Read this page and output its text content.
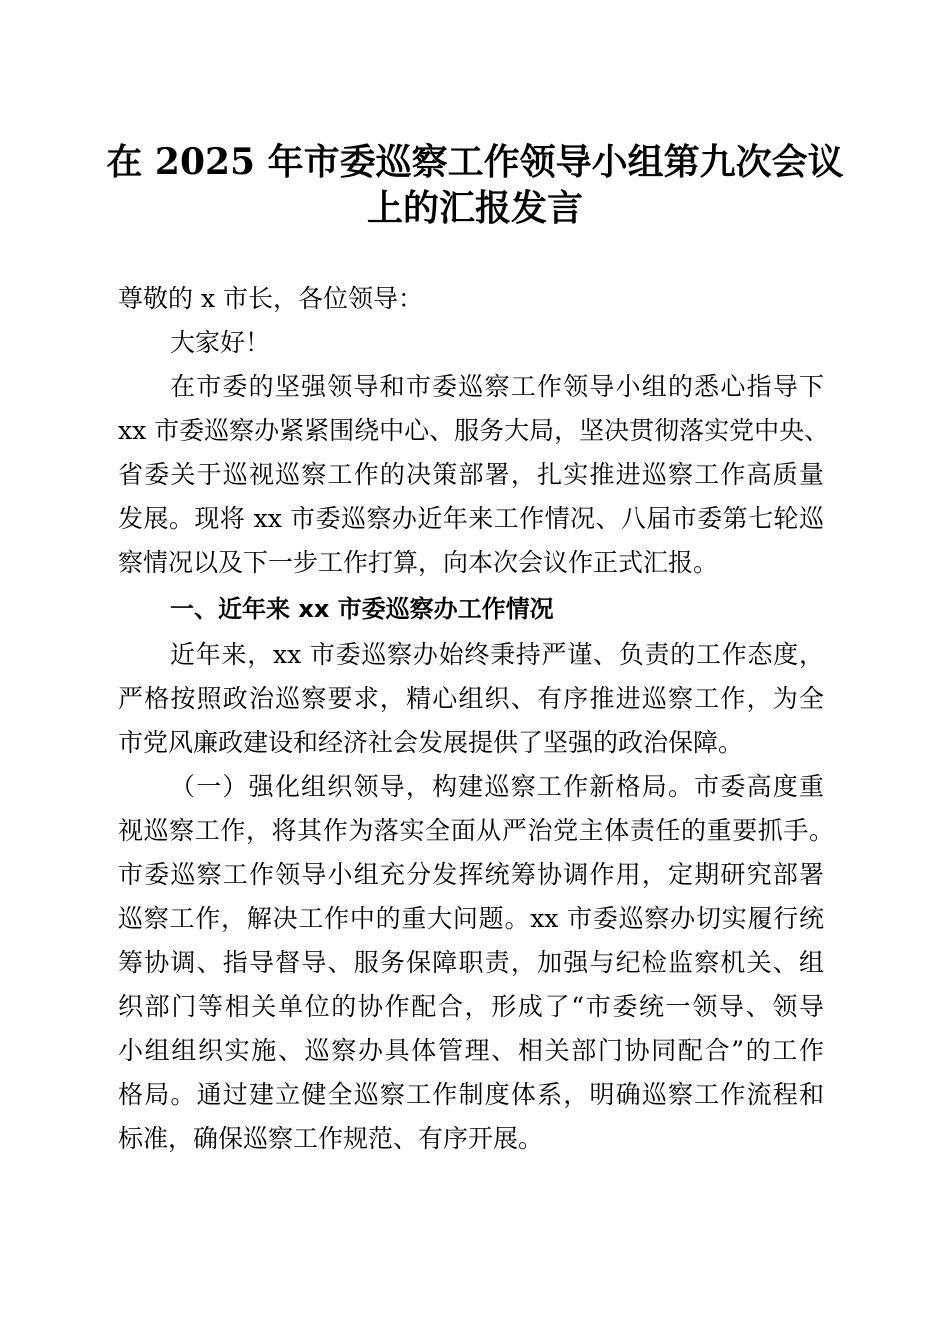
在 2025 年市委巡察工作领导小组第九次会议
上的汇报发言
尊敬的 x 市长，各位领导：
大家好！
在市委的坚强领导和市委巡察工作领导小组的悉心指导下
xx 市委巡察办紧紧围绕中心、服务大局，坚决贯彻落实党中央、
省委关于巡视巡察工作的决策部署，扎实推进巡察工作高质量
发展。现将 xx 市委巡察办近年来工作情况、八届市委第七轮巡
察情况以及下一步工作打算，向本次会议作正式汇报。
一、近年来 xx 市委巡察办工作情况
近年来，xx 市委巡察办始终秉持严谨、负责的工作态度，
严格按照政治巡察要求，精心组织、有序推进巡察工作，为全
市党风廉政建设和经济社会发展提供了坚强的政治保障。
（一）强化组织领导，构建巡察工作新格局。市委高度重
视巡察工作，将其作为落实全面从严治党主体责任的重要抓手。
市委巡察工作领导小组充分发挥统筹协调作用，定期研究部署
巡察工作，解决工作中的重大问题。xx 市委巡察办切实履行统
筹协调、指导督导、服务保障职责，加强与纪检监察机关、组
织部门等相关单位的协作配合，形成了“市委统一领导、领导
小组组织实施、巡察办具体管理、相关部门协同配合”的工作
格局。通过建立健全巡察工作制度体系，明确巡察工作流程和
标准，确保巡察工作规范、有序开展。
